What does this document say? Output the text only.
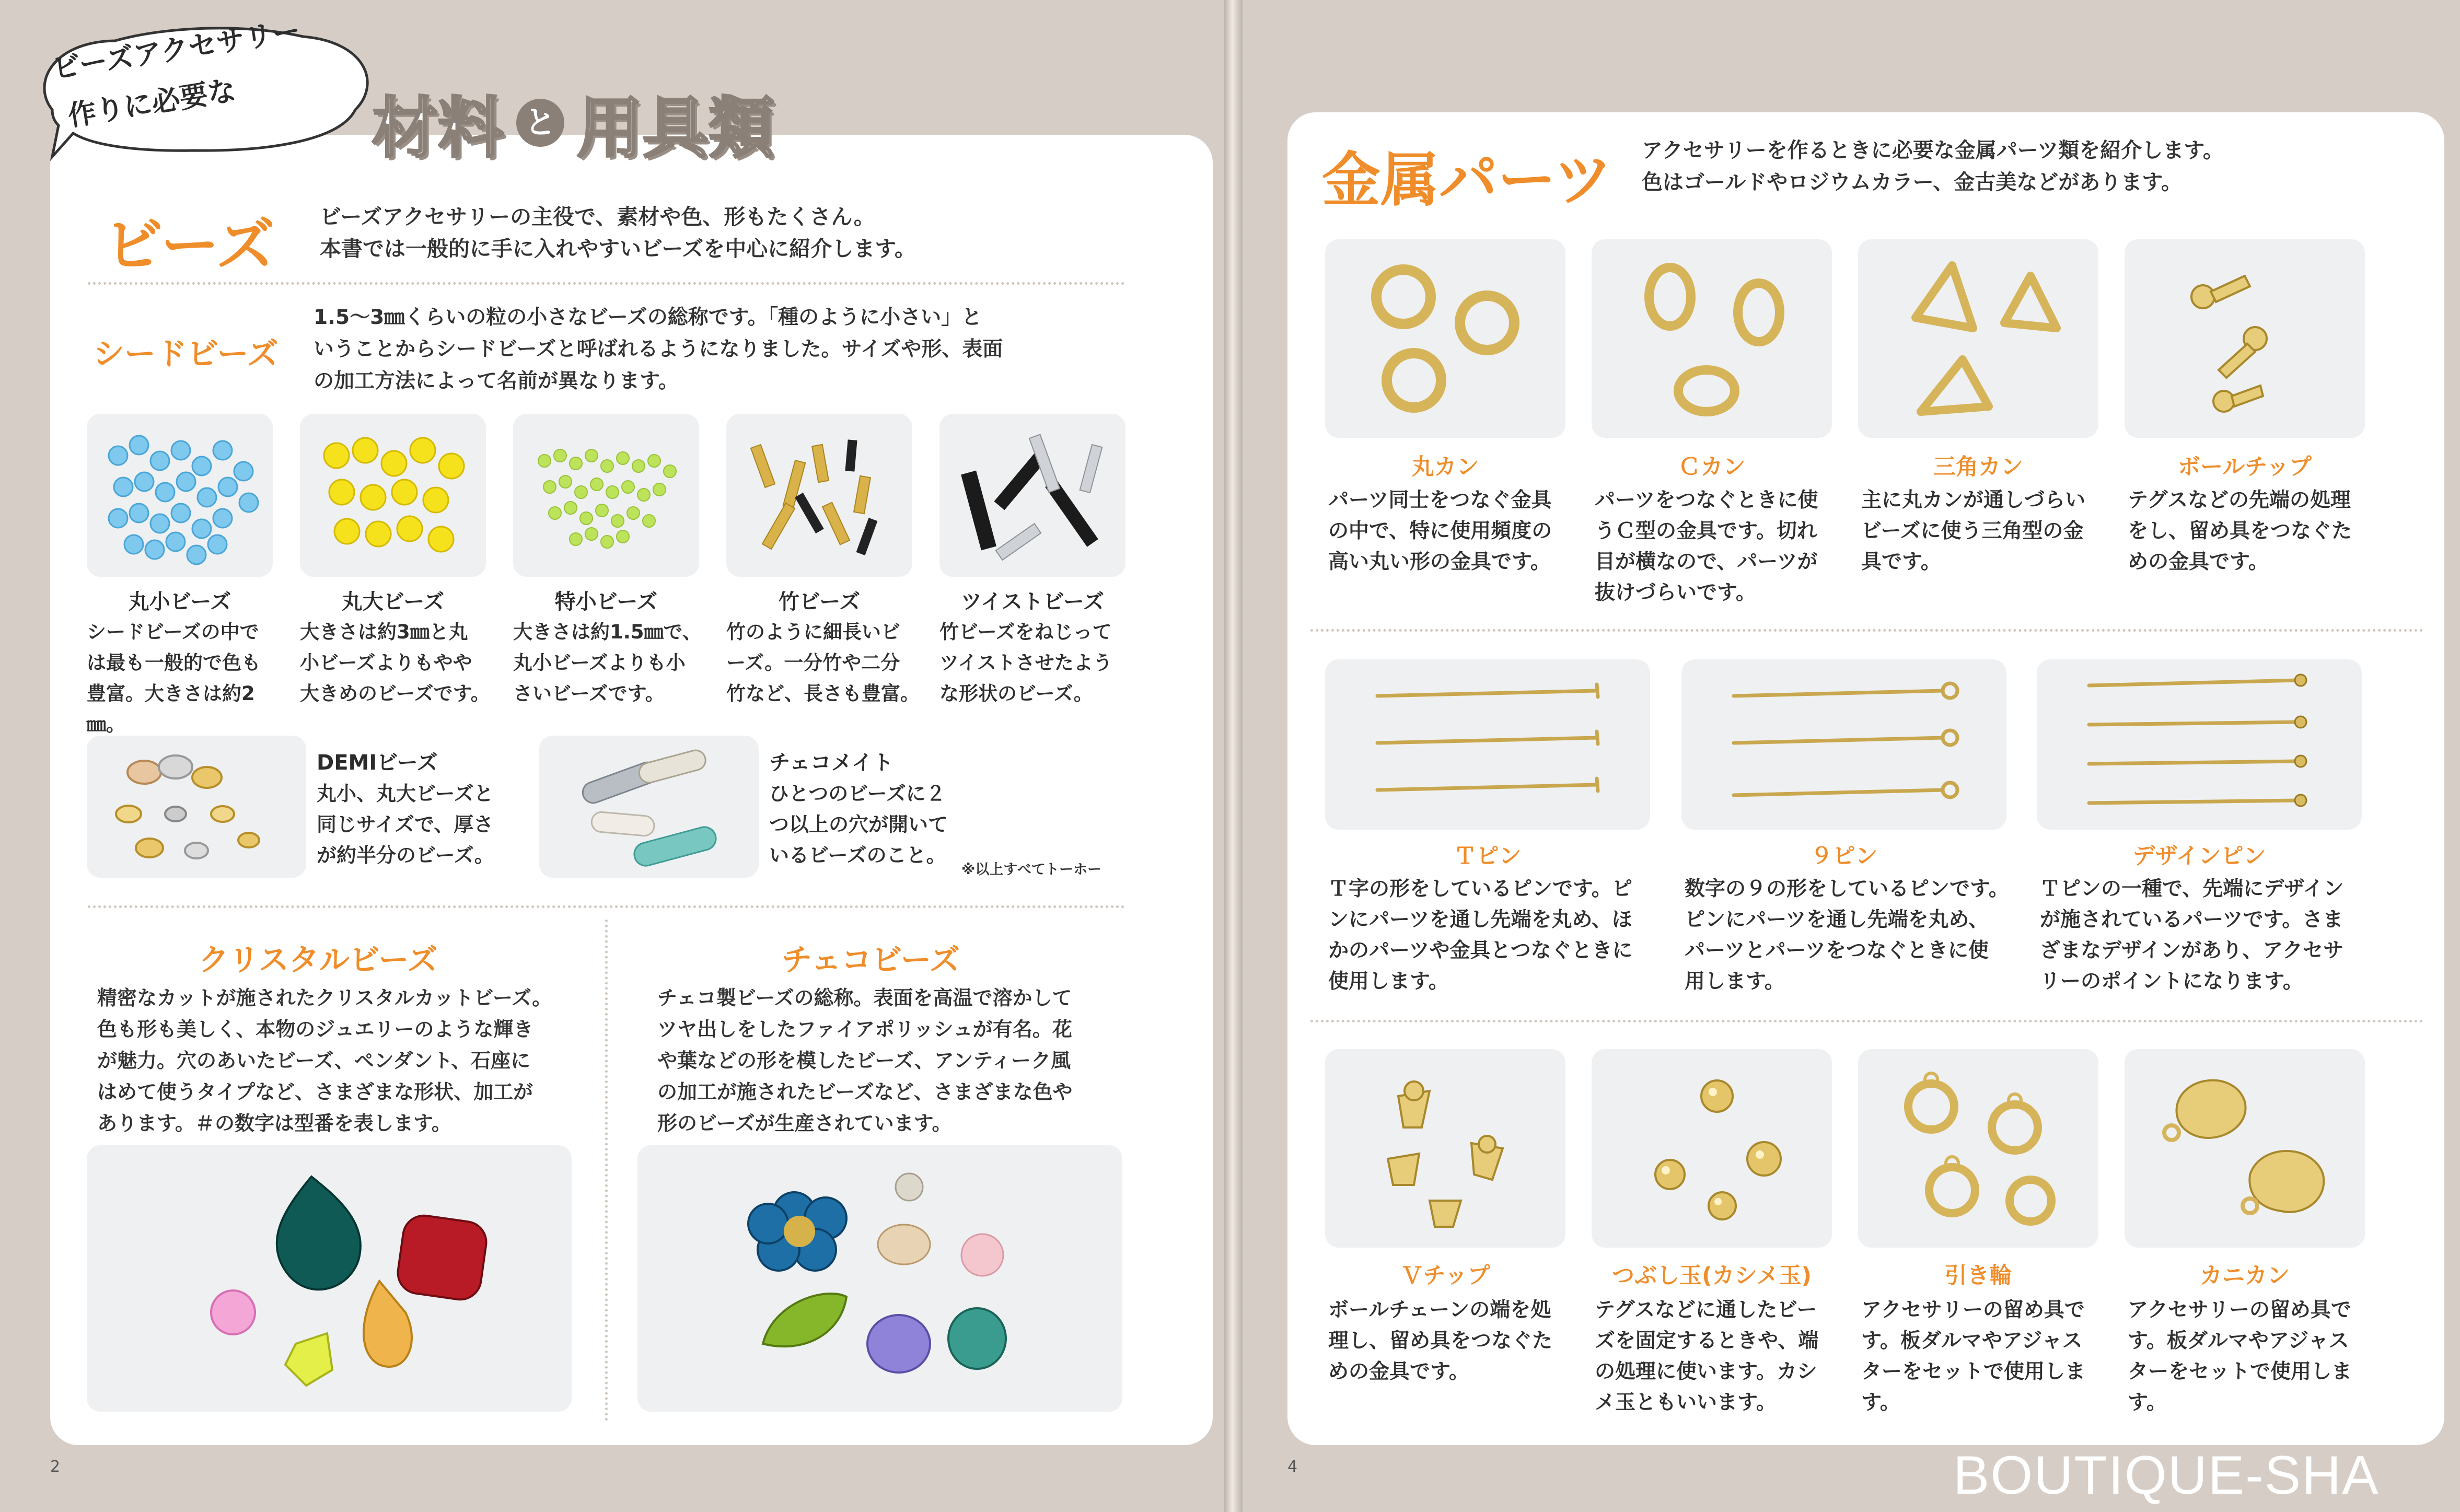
ビーズアクセサリー
作りに必要な 材料 と 用具類
ビーズ ビーズアクセサリーの主役で、素材や色、形もたくさん。
本書では一般的に手に入れやすいビーズを中心に紹介します。
シードビーズ
1.5～3㎜くらいの粒の小さなビーズの総称です。「種のように小さい」と
いうことからシードビーズと呼ばれるようになりました。サイズや形、表面
の加工方法によって名前が異なります。
丸小ビーズ	丸大ビーズ	特小ビーズ	竹ビーズ	ツイストビーズ
シードビーズの中で
は最も一般的で色も
豊富。大きさは約2㎜。
大きさは約3㎜と丸
小ビーズよりもやや
大きめのビーズです。
大きさは約1.5㎜で、
丸小ビーズよりも小
さいビーズです。
竹のように細長いビ
ーズ。一分竹や二分
竹など、長さも豊富。
竹ビーズをねじって
ツイストさせたよう
な形状のビーズ。
DEMIビーズ
丸小、丸大ビーズと
同じサイズで、厚さ
が約半分のビーズ。
チェコメイト
ひとつのビーズに２
つ以上の穴が開いて
いるビーズのこと。
※以上すべてトーホー
クリスタルビーズ
精密なカットが施されたクリスタルカットビーズ。
色も形も美しく、本物のジュエリーのような輝き
が魅力。穴のあいたビーズ、ペンダント、石座に
はめて使うタイプなど、さまざまな形状、加工が
あります。＃の数字は型番を表します。
チェコビーズ
チェコ製ビーズの総称。表面を高温で溶かして
ツヤ出しをしたファイアポリッシュが有名。花
や葉などの形を模したビーズ、アンティーク風
の加工が施されたビーズなど、さまざまな色や
形のビーズが生産されています。
2
金属パーツ アクセサリーを作るときに必要な金属パーツ類を紹介します。
色はゴールドやロジウムカラー、金古美などがあります。
丸カン	Ｃカン	三角カン	ボールチップ
パーツ同士をつなぐ金具
の中で、特に使用頻度の
高い丸い形の金具です。
パーツをつなぐときに使
うＣ型の金具です。切れ
目が横なので、パーツが
抜けづらいです。
主に丸カンが通しづらい
ビーズに使う三角型の金
具です。
テグスなどの先端の処理
をし、留め具をつなぐた
めの金具です。
Ｔピン	９ピン	デザインピン
Ｔ字の形をしているピンです。ピ
ンにパーツを通し先端を丸め、ほ
かのパーツや金具とつなぐときに
使用します。
数字の９の形をしているピンです。
ピンにパーツを通し先端を丸め、
パーツとパーツをつなぐときに使
用します。
Ｔピンの一種で、先端にデザイン
が施されているパーツです。さま
ざまなデザインがあり、アクセサ
リーのポイントになります。
Ｖチップ	つぶし玉(カシメ玉)	引き輪	カニカン
ボールチェーンの端を処
理し、留め具をつなぐた
めの金具です。
テグスなどに通したビー
ズを固定するときや、端
の処理に使います。カシ
メ玉ともいいます。
アクセサリーの留め具で
す。板ダルマやアジャス
ターをセットで使用しま
す。
アクセサリーの留め具で
す。板ダルマやアジャス
ターをセットで使用しま
す。
4	BOUTIQUE-SHA
